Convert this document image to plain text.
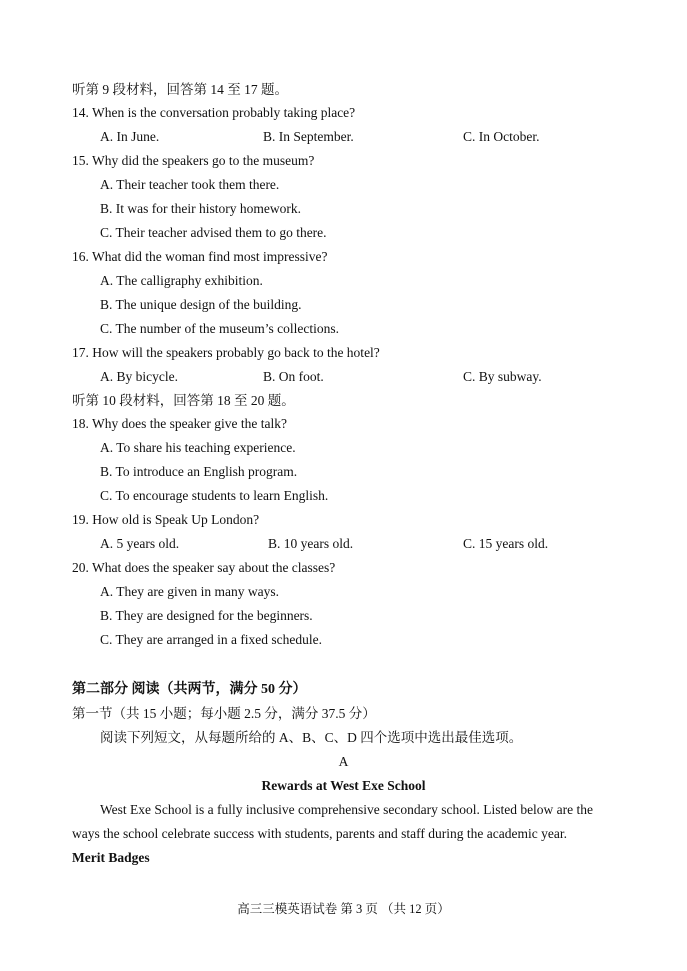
听第 9 段材料，回答第 14 至 17 题。
14. When is the conversation probably taking place?
A. In June.	B. In September.	C. In October.
15. Why did the speakers go to the museum?
A. Their teacher took them there.
B. It was for their history homework.
C. Their teacher advised them to go there.
16. What did the woman find most impressive?
A. The calligraphy exhibition.
B. The unique design of the building.
C. The number of the museum’s collections.
17. How will the speakers probably go back to the hotel?
A. By bicycle.	B. On foot.	C. By subway.
听第 10 段材料，回答第 18 至 20 题。
18. Why does the speaker give the talk?
A. To share his teaching experience.
B. To introduce an English program.
C. To encourage students to learn English.
19. How old is Speak Up London?
A. 5 years old.	B. 10 years old.	C. 15 years old.
20. What does the speaker say about the classes?
A. They are given in many ways.
B. They are designed for the beginners.
C. They are arranged in a fixed schedule.
第二部分 阅读（共两节，满分 50 分）
第一节（共 15 小题；每小题 2.5 分，满分 37.5 分）
阅读下列短文，从每题所给的 A、B、C、D 四个选项中选出最佳选项。
A
Rewards at West Exe School
West Exe School is a fully inclusive comprehensive secondary school. Listed below are the
ways the school celebrate success with students, parents and staff during the academic year.
Merit Badges
高三三模英语试卷 第 3 页 （共 12 页）
